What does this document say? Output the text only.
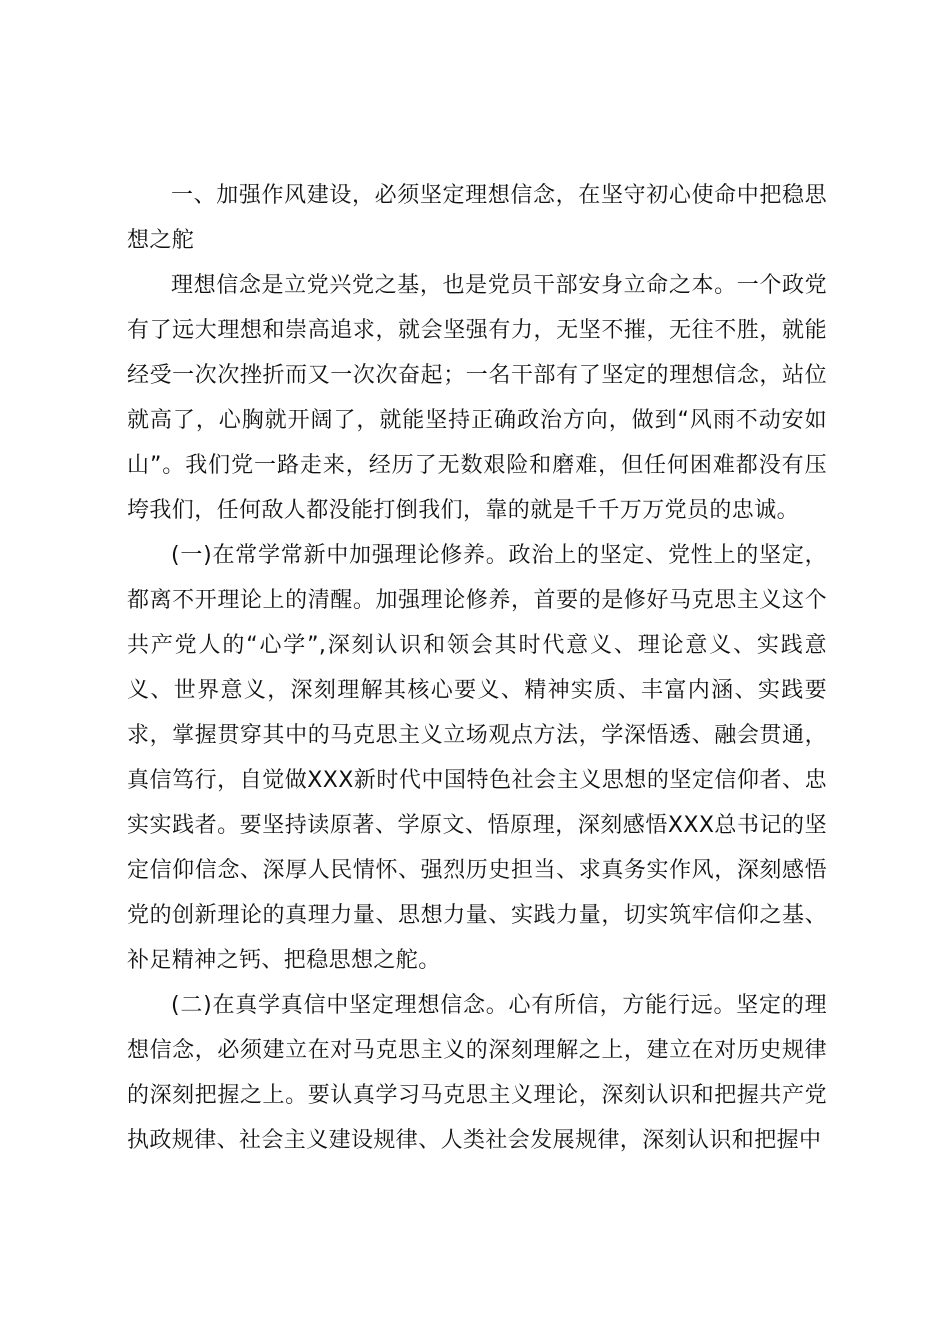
一、加强作风建设，必须坚定理想信念，在坚守初心使命中把稳思想之舵

理想信念是立党兴党之基，也是党员干部安身立命之本。一个政党有了远大理想和崇高追求，就会坚强有力，无坚不摧，无往不胜，就能经受一次次挫折而又一次次奋起；一名干部有了坚定的理想信念，站位就高了，心胸就开阔了，就能坚持正确政治方向，做到“风雨不动安如山”。我们党一路走来，经历了无数艰险和磨难，但任何困难都没有压垮我们，任何敌人都没能打倒我们，靠的就是千千万万党员的忠诚。

(一)在常学常新中加强理论修养。政治上的坚定、党性上的坚定，都离不开理论上的清醒。加强理论修养，首要的是修好马克思主义这个共产党人的“心学”,深刻认识和领会其时代意义、理论意义、实践意义、世界意义，深刻理解其核心要义、精神实质、丰富内涵、实践要求，掌握贯穿其中的马克思主义立场观点方法，学深悟透、融会贯通，真信笃行，自觉做XXX新时代中国特色社会主义思想的坚定信仰者、忠实实践者。要坚持读原著、学原文、悟原理，深刻感悟XXX总书记的坚定信仰信念、深厚人民情怀、强烈历史担当、求真务实作风，深刻感悟党的创新理论的真理力量、思想力量、实践力量，切实筑牢信仰之基、补足精神之钙、把稳思想之舵。

(二)在真学真信中坚定理想信念。心有所信，方能行远。坚定的理想信念，必须建立在对马克思主义的深刻理解之上，建立在对历史规律的深刻把握之上。要认真学习马克思主义理论，深刻认识和把握共产党执政规律、社会主义建设规律、人类社会发展规律，深刻认识和把握中
